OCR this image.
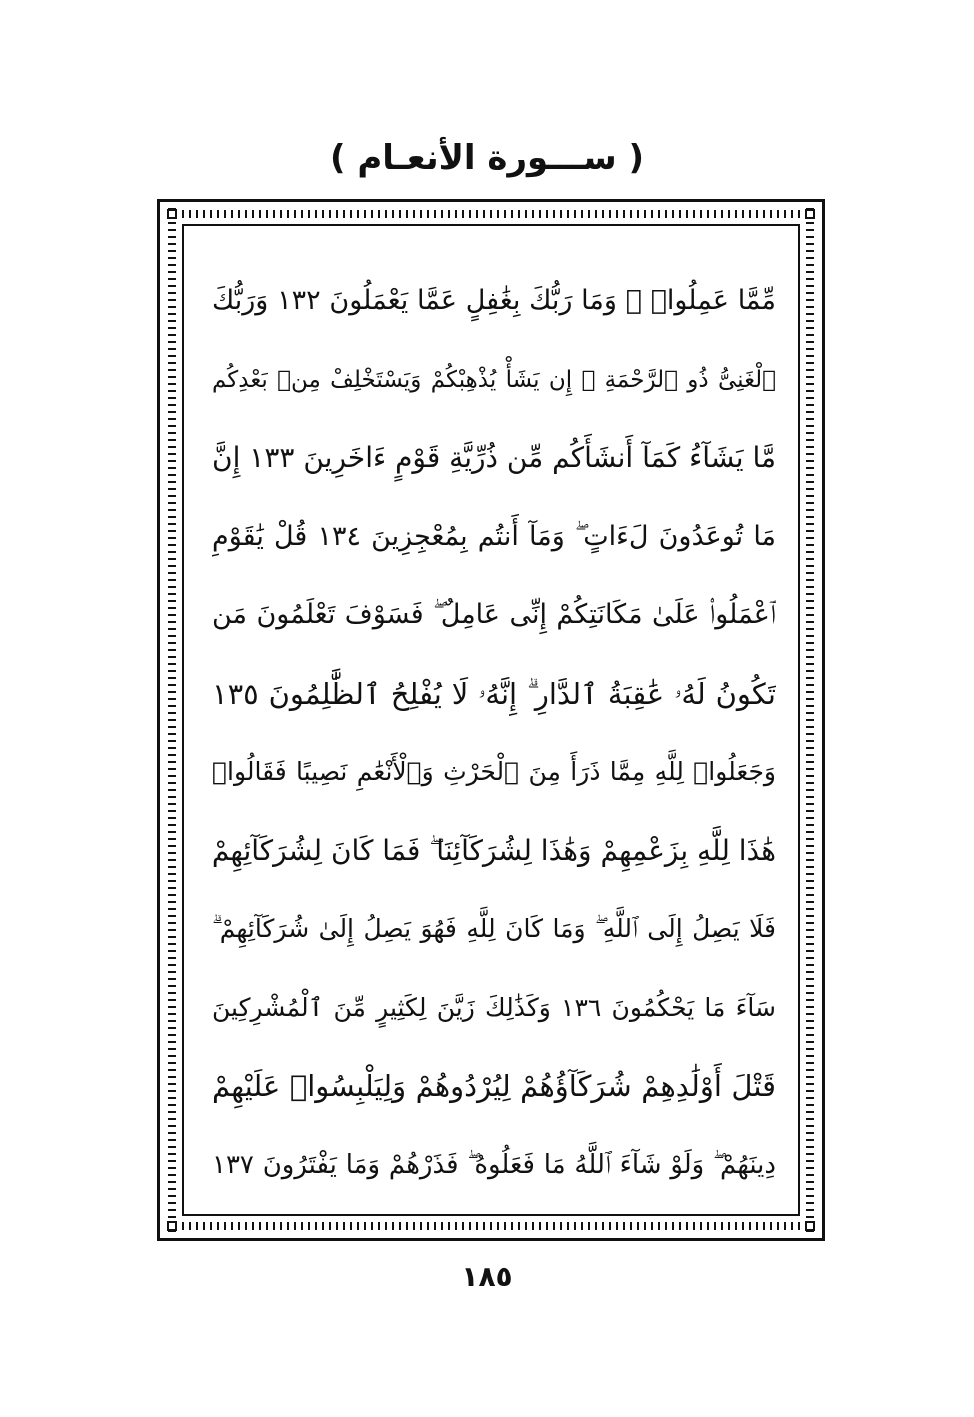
( ســـورة الأنعـام )
مِّمَّا عَمِلُوا۟ ۚ وَمَا رَبُّكَ بِغَٰفِلٍ عَمَّا يَعْمَلُونَ ١٣٢ وَرَبُّكَ
ٱلْغَنِىُّ ذُو ٱلرَّحْمَةِ ۚ إِن يَشَأْ يُذْهِبْكُمْ وَيَسْتَخْلِفْ مِنۢ بَعْدِكُم
مَّا يَشَآءُ كَمَآ أَنشَأَكُم مِّن ذُرِّيَّةِ قَوْمٍ ءَاخَرِينَ ١٣٣ إِنَّ
مَا تُوعَدُونَ لَءَاتٍ ۖ وَمَآ أَنتُم بِمُعْجِزِينَ ١٣٤ قُلْ يَٰقَوْمِ
ٱعْمَلُوا۟ عَلَىٰ مَكَانَتِكُمْ إِنِّى عَامِلٌ ۖ فَسَوْفَ تَعْلَمُونَ مَن
تَكُونُ لَهُۥ عَٰقِبَةُ ٱلدَّارِ ۗ إِنَّهُۥ لَا يُفْلِحُ ٱلظَّٰلِمُونَ ١٣٥
وَجَعَلُوا۟ لِلَّهِ مِمَّا ذَرَأَ مِنَ ٱلْحَرْثِ وَٱلْأَنْعَٰمِ نَصِيبًا فَقَالُوا۟
هَٰذَا لِلَّهِ بِزَعْمِهِمْ وَهَٰذَا لِشُرَكَآئِنَا ۖ فَمَا كَانَ لِشُرَكَآئِهِمْ
فَلَا يَصِلُ إِلَى ٱللَّهِ ۖ وَمَا كَانَ لِلَّهِ فَهُوَ يَصِلُ إِلَىٰ شُرَكَآئِهِمْ ۗ
سَآءَ مَا يَحْكُمُونَ ١٣٦ وَكَذَٰلِكَ زَيَّنَ لِكَثِيرٍ مِّنَ ٱلْمُشْرِكِينَ
قَتْلَ أَوْلَٰدِهِمْ شُرَكَآؤُهُمْ لِيُرْدُوهُمْ وَلِيَلْبِسُوا۟ عَلَيْهِمْ
دِينَهُمْ ۖ وَلَوْ شَآءَ ٱللَّهُ مَا فَعَلُوهُ ۖ فَذَرْهُمْ وَمَا يَفْتَرُونَ ١٣٧
١٨٥
